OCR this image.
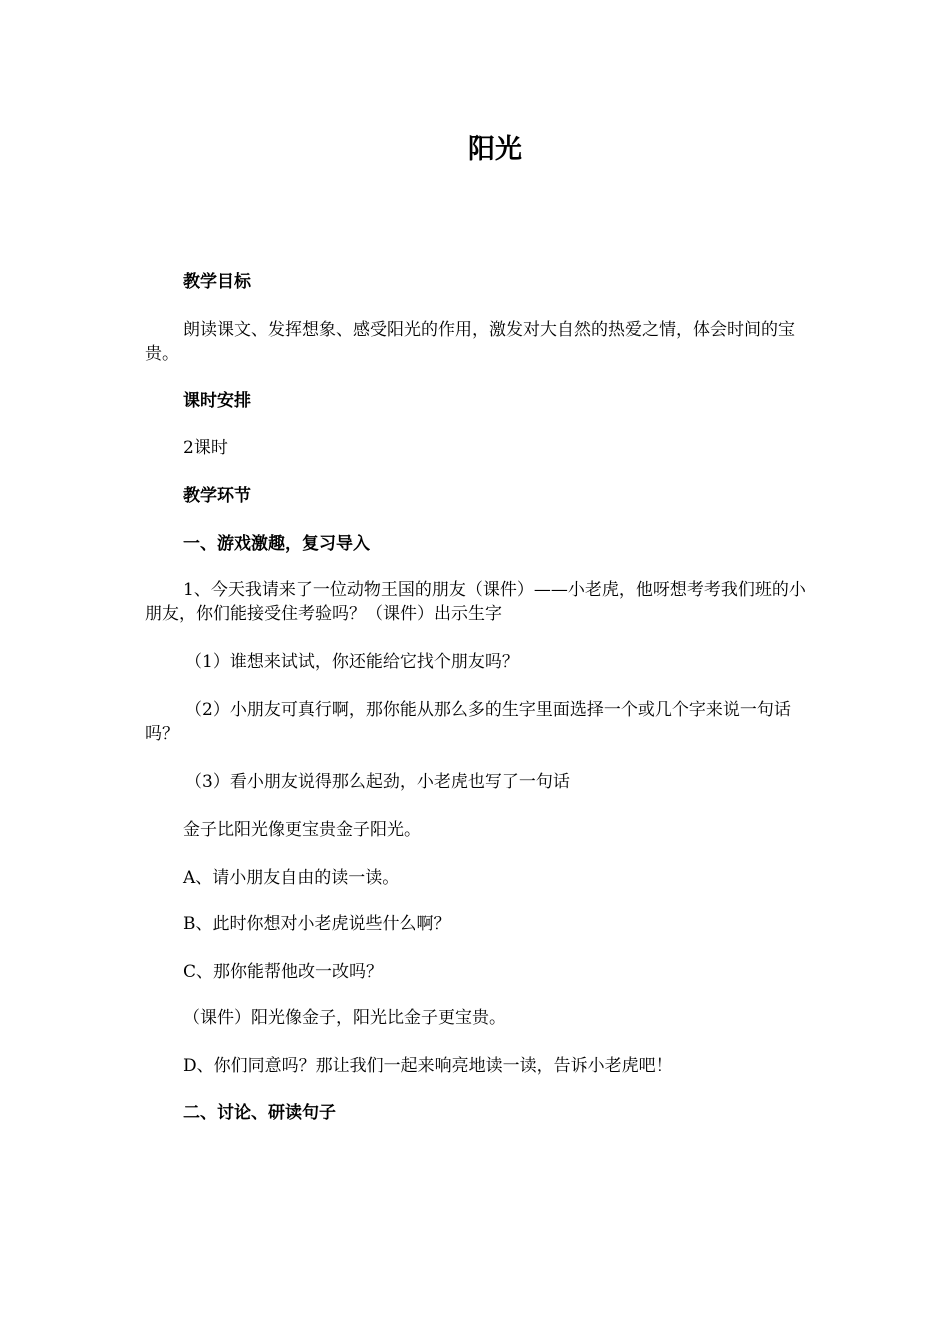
阳光

教学目标

朗读课文、发挥想象、感受阳光的作用，激发对大自然的热爱之情，体会时间的宝贵。

课时安排

2课时

教学环节

一、游戏激趣，复习导入

1、今天我请来了一位动物王国的朋友（课件）——小老虎，他呀想考考我们班的小朋友，你们能接受住考验吗？（课件）出示生字

（1）谁想来试试，你还能给它找个朋友吗？

（2）小朋友可真行啊，那你能从那么多的生字里面选择一个或几个字来说一句话吗？

（3）看小朋友说得那么起劲，小老虎也写了一句话

金子比阳光像更宝贵金子阳光。

A、请小朋友自由的读一读。

B、此时你想对小老虎说些什么啊？

C、那你能帮他改一改吗？

（课件）阳光像金子，阳光比金子更宝贵。

D、你们同意吗？那让我们一起来响亮地读一读，告诉小老虎吧！

二、讨论、研读句子
